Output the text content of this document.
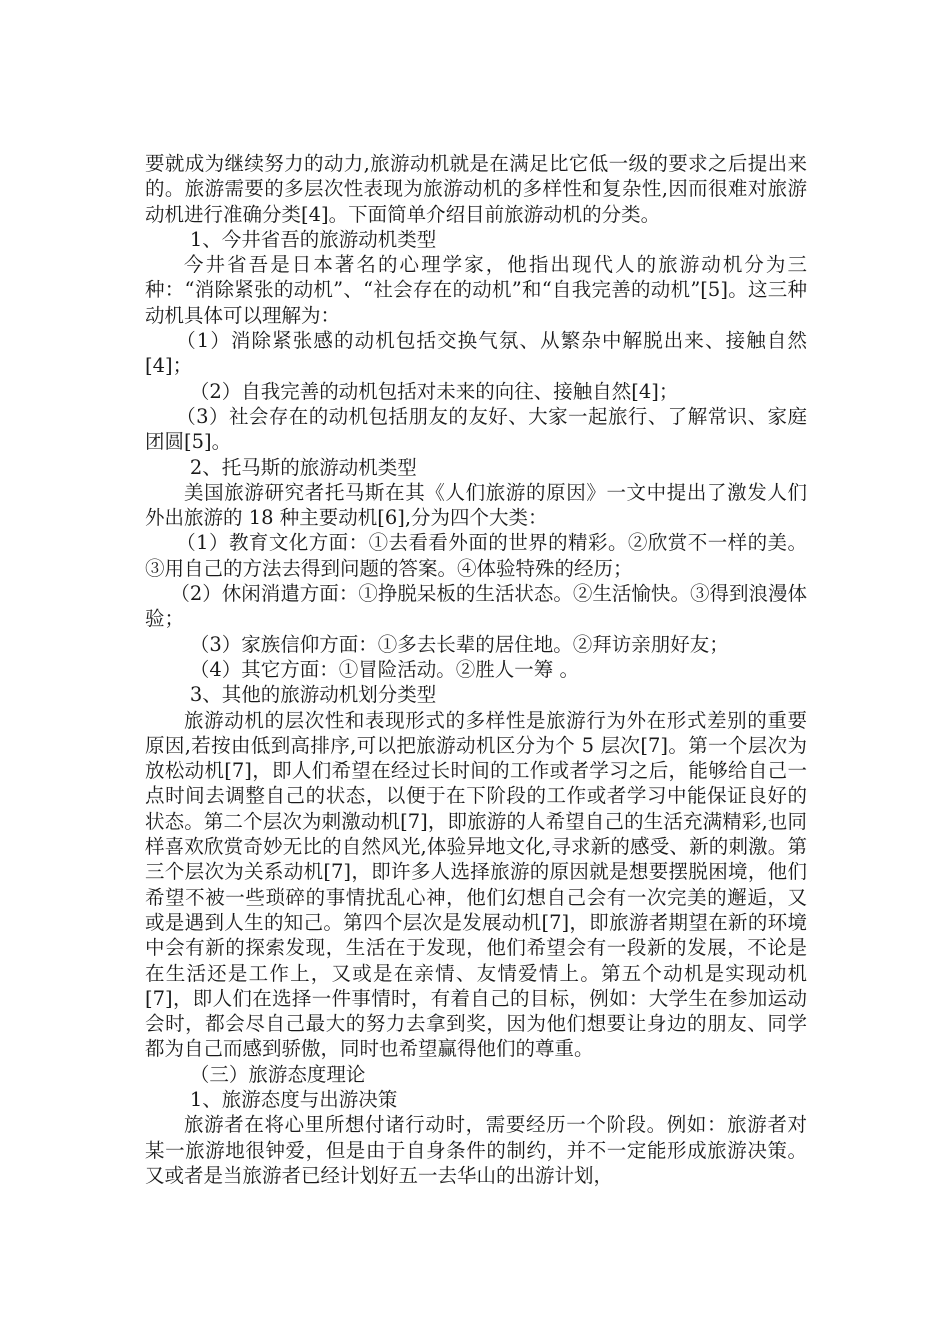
要就成为继续努力的动力,旅游动机就是在满足比它低一级的要求之后提出来的。旅游需要的多层次性表现为旅游动机的多样性和复杂性,因而很难对旅游动机进行准确分类[4]。下面简单介绍目前旅游动机的分类。

1、今井省吾的旅游动机类型

今井省吾是日本著名的心理学家，他指出现代人的旅游动机分为三种：“消除紧张的动机”、“社会存在的动机”和“自我完善的动机”[5]。这三种动机具体可以理解为：

（1）消除紧张感的动机包括交换气氛、从繁杂中解脱出来、接触自然[4]；

（2）自我完善的动机包括对未来的向往、接触自然[4]；

（3）社会存在的动机包括朋友的友好、大家一起旅行、了解常识、家庭团圆[5]。

2、托马斯的旅游动机类型

美国旅游研究者托马斯在其《人们旅游的原因》一文中提出了激发人们外出旅游的 18 种主要动机[6],分为四个大类：

（1）教育文化方面：①去看看外面的世界的精彩。②欣赏不一样的美。③用自己的方法去得到问题的答案。④体验特殊的经历；

（2）休闲消遣方面：①挣脱呆板的生活状态。②生活愉快。③得到浪漫体验；

（3）家族信仰方面：①多去长辈的居住地。②拜访亲朋好友；

（4）其它方面：①冒险活动。②胜人一筹 。

3、其他的旅游动机划分类型

旅游动机的层次性和表现形式的多样性是旅游行为外在形式差别的重要原因,若按由低到高排序,可以把旅游动机区分为个 5 层次[7]。第一个层次为放松动机[7]，即人们希望在经过长时间的工作或者学习之后，能够给自己一点时间去调整自己的状态，以便于在下阶段的工作或者学习中能保证良好的状态。第二个层次为刺激动机[7]，即旅游的人希望自己的生活充满精彩,也同样喜欢欣赏奇妙无比的自然风光,体验异地文化,寻求新的感受、新的刺激。第三个层次为关系动机[7]，即许多人选择旅游的原因就是想要摆脱困境，他们希望不被一些琐碎的事情扰乱心神，他们幻想自己会有一次完美的邂逅，又或是遇到人生的知己。第四个层次是发展动机[7]，即旅游者期望在新的环境中会有新的探索发现，生活在于发现，他们希望会有一段新的发展，不论是在生活还是工作上，又或是在亲情、友情爱情上。第五个动机是实现动机[7]，即人们在选择一件事情时，有着自己的目标，例如：大学生在参加运动会时，都会尽自己最大的努力去拿到奖，因为他们想要让身边的朋友、同学都为自己而感到骄傲，同时也希望赢得他们的尊重。

（三）旅游态度理论

1、旅游态度与出游决策

旅游者在将心里所想付诸行动时，需要经历一个阶段。例如：旅游者对某一旅游地很钟爱，但是由于自身条件的制约，并不一定能形成旅游决策。又或者是当旅游者已经计划好五一去华山的出游计划，
